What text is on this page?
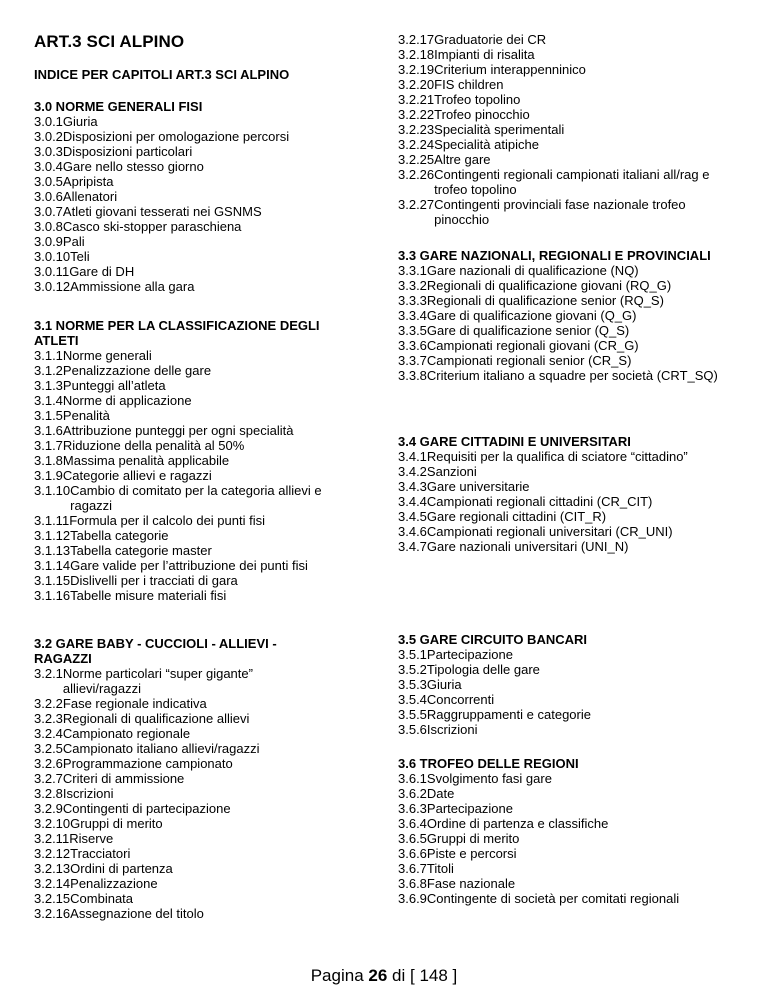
ART.3 SCI ALPINO
INDICE PER CAPITOLI ART.3 SCI ALPINO
3.0 NORME GENERALI FISI
3.0.1 Giuria
3.0.2 Disposizioni per omologazione percorsi
3.0.3 Disposizioni particolari
3.0.4 Gare nello stesso giorno
3.0.5 Apripista
3.0.6 Allenatori
3.0.7 Atleti giovani tesserati nei GSNMS
3.0.8 Casco ski-stopper paraschiena
3.0.9 Pali
3.0.10 Teli
3.0.11 Gare di DH
3.0.12 Ammissione alla gara
3.1 NORME PER LA CLASSIFICAZIONE DEGLI ATLETI
3.1.1 Norme generali
3.1.2 Penalizzazione delle gare
3.1.3 Punteggi all’atleta
3.1.4 Norme di applicazione
3.1.5 Penalità
3.1.6 Attribuzione punteggi per ogni specialità
3.1.7 Riduzione della penalità al 50%
3.1.8 Massima penalità applicabile
3.1.9 Categorie allievi e ragazzi
3.1.10 Cambio di comitato per la categoria allievi e ragazzi
3.1.11 Formula per il calcolo dei punti fisi
3.1.12 Tabella categorie
3.1.13 Tabella categorie master
3.1.14 Gare valide per l’attribuzione dei punti fisi
3.1.15 Dislivelli per i tracciati di gara
3.1.16 Tabelle misure materiali fisi
3.2 GARE BABY - CUCCIOLI - ALLIEVI - RAGAZZI
3.2.1 Norme particolari “super gigante” allievi/ragazzi
3.2.2 Fase regionale indicativa
3.2.3 Regionali di qualificazione allievi
3.2.4 Campionato regionale
3.2.5 Campionato italiano allievi/ragazzi
3.2.6 Programmazione campionato
3.2.7 Criteri di ammissione
3.2.8 Iscrizioni
3.2.9 Contingenti di partecipazione
3.2.10 Gruppi di merito
3.2.11 Riserve
3.2.12 Tracciatori
3.2.13 Ordini di partenza
3.2.14 Penalizzazione
3.2.15 Combinata
3.2.16 Assegnazione del titolo
3.2.17 Graduatorie dei CR
3.2.18 Impianti di risalita
3.2.19 Criterium interappenninico
3.2.20 FIS children
3.2.21 Trofeo topolino
3.2.22 Trofeo pinocchio
3.2.23 Specialità sperimentali
3.2.24 Specialità atipiche
3.2.25 Altre gare
3.2.26 Contingenti regionali campionati italiani all/rag e trofeo topolino
3.2.27 Contingenti provinciali fase nazionale trofeo pinocchio
3.3 GARE NAZIONALI, REGIONALI E PROVINCIALI
3.3.1 Gare nazionali di qualificazione (NQ)
3.3.2 Regionali di qualificazione giovani (RQ_G)
3.3.3 Regionali di qualificazione senior (RQ_S)
3.3.4 Gare di qualificazione giovani (Q_G)
3.3.5 Gare di qualificazione senior (Q_S)
3.3.6 Campionati regionali giovani (CR_G)
3.3.7 Campionati regionali senior (CR_S)
3.3.8 Criterium italiano a squadre per società (CRT_SQ)
3.4 GARE CITTADINI E UNIVERSITARI
3.4.1 Requisiti per la qualifica di sciatore “cittadino”
3.4.2 Sanzioni
3.4.3 Gare universitarie
3.4.4 Campionati regionali cittadini (CR_CIT)
3.4.5 Gare regionali cittadini (CIT_R)
3.4.6 Campionati regionali universitari (CR_UNI)
3.4.7 Gare nazionali universitari (UNI_N)
3.5 GARE CIRCUITO BANCARI
3.5.1 Partecipazione
3.5.2 Tipologia delle gare
3.5.3 Giuria
3.5.4 Concorrenti
3.5.5 Raggruppamenti e categorie
3.5.6 Iscrizioni
3.6 TROFEO DELLE REGIONI
3.6.1 Svolgimento fasi gare
3.6.2 Date
3.6.3 Partecipazione
3.6.4 Ordine di partenza e classifiche
3.6.5 Gruppi di merito
3.6.6 Piste e percorsi
3.6.7 Titoli
3.6.8 Fase nazionale
3.6.9 Contingente di società per comitati regionali
Pagina 26 di [ 148 ]
